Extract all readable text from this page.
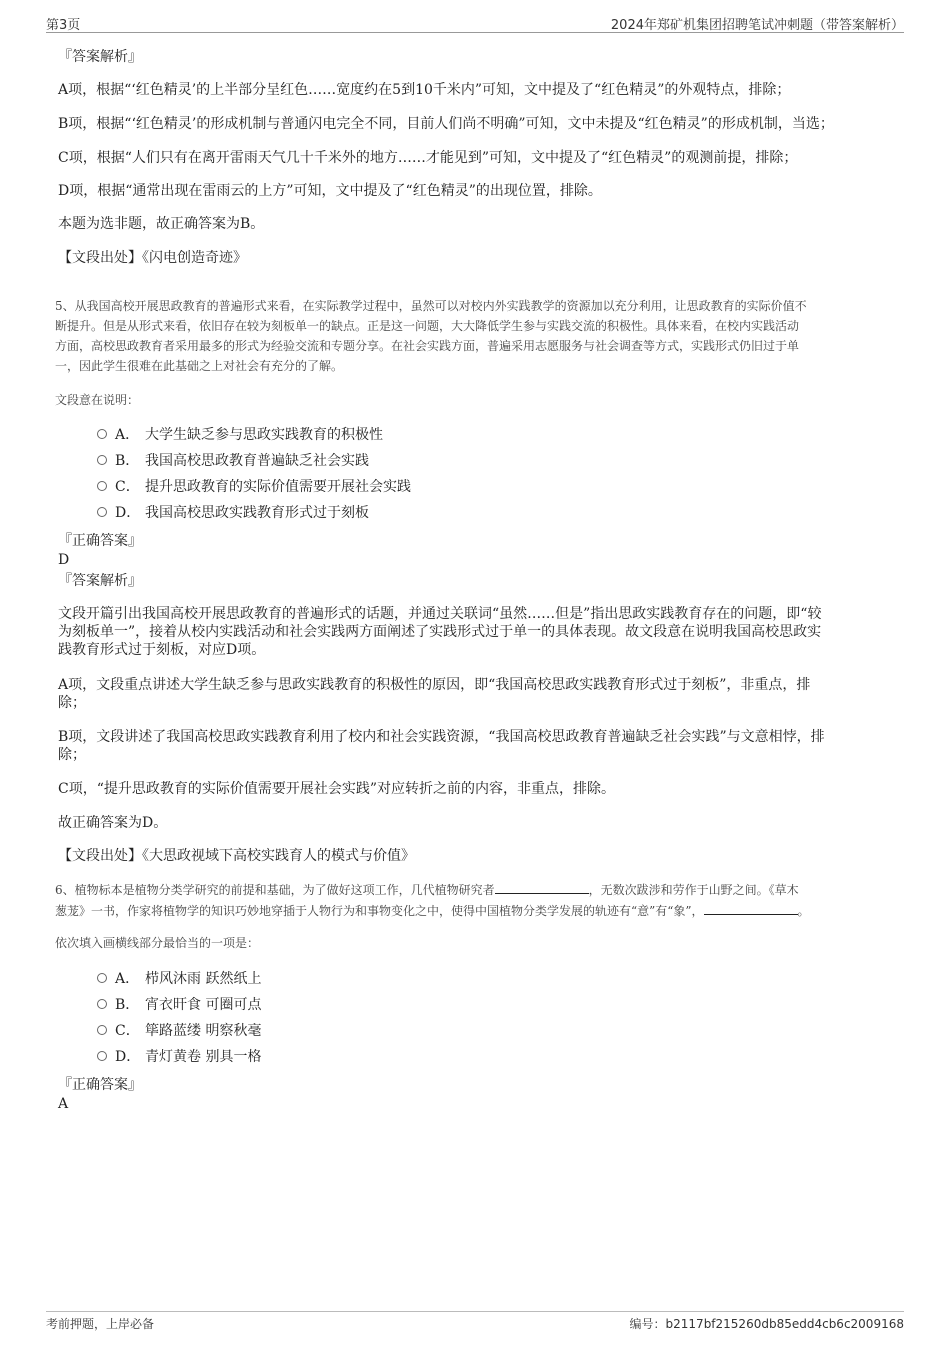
第3页	2024年郑矿机集团招聘笔试冲刺题（带答案解析）
『答案解析』
A项，根据“‘红色精灵’的上半部分呈红色……宽度约在5到10千米内”可知，文中提及了“红色精灵”的外观特点，排除；
B项，根据“‘红色精灵’的形成机制与普通闪电完全不同，目前人们尚不明确”可知，文中未提及“红色精灵”的形成机制，当选；
C项，根据“人们只有在离开雷雨天气几十千米外的地方……才能见到”可知，文中提及了“红色精灵”的观测前提，排除；
D项，根据“通常出现在雷雨云的上方”可知，文中提及了“红色精灵”的出现位置，排除。
本题为选非题，故正确答案为B。
【文段出处】《闪电创造奇迹》
5、从我国高校开展思政教育的普遍形式来看，在实际教学过程中，虽然可以对校内外实践教学的资源加以充分利用，让思政教育的实际价值不
断提升。但是从形式来看，依旧存在较为刻板单一的缺点。正是这一问题，大大降低学生参与实践交流的积极性。具体来看，在校内实践活动
方面，高校思政教育者采用最多的形式为经验交流和专题分享。在社会实践方面，普遍采用志愿服务与社会调查等方式，实践形式仍旧过于单
一，因此学生很难在此基础之上对社会有充分的了解。
文段意在说明：
A． 大学生缺乏参与思政实践教育的积极性
B． 我国高校思政教育普遍缺乏社会实践
C． 提升思政教育的实际价值需要开展社会实践
D． 我国高校思政实践教育形式过于刻板
『正确答案』
D
『答案解析』
文段开篇引出我国高校开展思政教育的普遍形式的话题，并通过关联词“虽然……但是”指出思政实践教育存在的问题，即“较
为刻板单一”，接着从校内实践活动和社会实践两方面阐述了实践形式过于单一的具体表现。故文段意在说明我国高校思政实
践教育形式过于刻板，对应D项。
A项，文段重点讲述大学生缺乏参与思政实践教育的积极性的原因，即“我国高校思政实践教育形式过于刻板”，非重点，排
除；
B项，文段讲述了我国高校思政实践教育利用了校内和社会实践资源，“我国高校思政教育普遍缺乏社会实践”与文意相悖，排
除；
C项，“提升思政教育的实际价值需要开展社会实践”对应转折之前的内容，非重点，排除。
故正确答案为D。
【文段出处】《大思政视域下高校实践育人的模式与价值》
6、植物标本是植物分类学研究的前提和基础，为了做好这项工作，几代植物研究者	，无数次跋涉和劳作于山野之间。《草木
葱茏》一书，作家将植物学的知识巧妙地穿插于人物行为和事物变化之中，使得中国植物分类学发展的轨迹有“意”有“象”，	。
依次填入画横线部分最恰当的一项是：
A． 栉风沐雨 跃然纸上
B． 宵衣旰食 可圈可点
C． 筚路蓝缕 明察秋毫
D． 青灯黄卷 别具一格
『正确答案』
A
考前押题，上岸必备	编号：b2117bf215260db85edd4cb6c2009168
